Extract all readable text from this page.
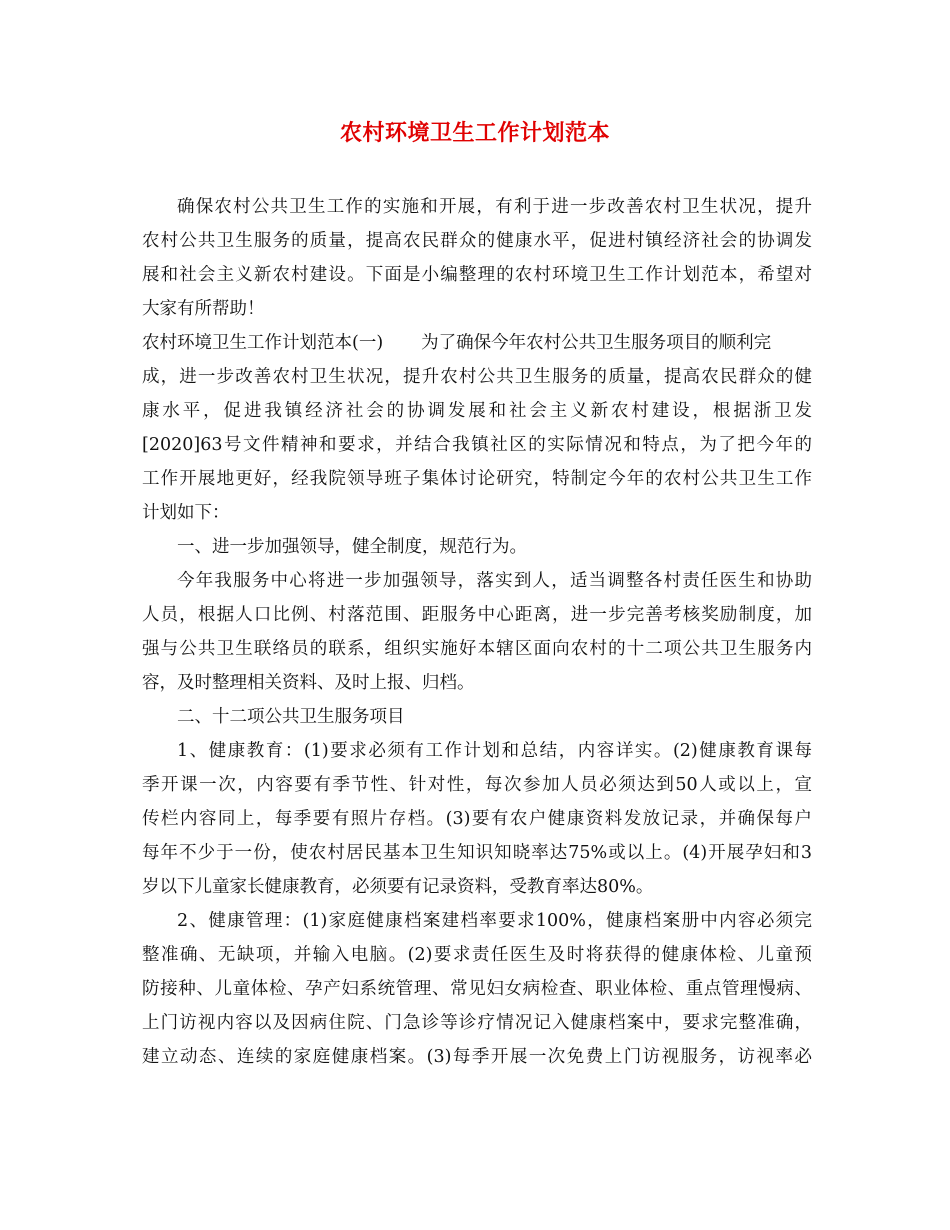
农村环境卫生工作计划范本
确保农村公共卫生工作的实施和开展，有利于进一步改善农村卫生状况，提升
农村公共卫生服务的质量，提高农民群众的健康水平，促进村镇经济社会的协调发
展和社会主义新农村建设。下面是小编整理的农村环境卫生工作计划范本，希望对
大家有所帮助！
农村环境卫生工作计划范本(一) 为了确保今年农村公共卫生服务项目的顺利完
成，进一步改善农村卫生状况，提升农村公共卫生服务的质量，提高农民群众的健
康水平，促进我镇经济社会的协调发展和社会主义新农村建设，根据浙卫发
[2020]63号文件精神和要求，并结合我镇社区的实际情况和特点，为了把今年的
工作开展地更好，经我院领导班子集体讨论研究，特制定今年的农村公共卫生工作
计划如下：
一、进一步加强领导，健全制度，规范行为。
今年我服务中心将进一步加强领导，落实到人，适当调整各村责任医生和协助
人员，根据人口比例、村落范围、距服务中心距离，进一步完善考核奖励制度，加
强与公共卫生联络员的联系，组织实施好本辖区面向农村的十二项公共卫生服务内
容，及时整理相关资料、及时上报、归档。
二、十二项公共卫生服务项目
1、健康教育：(1)要求必须有工作计划和总结，内容详实。(2)健康教育课每
季开课一次，内容要有季节性、针对性，每次参加人员必须达到50人或以上，宣
传栏内容同上，每季要有照片存档。(3)要有农户健康资料发放记录，并确保每户
每年不少于一份，使农村居民基本卫生知识知晓率达75%或以上。(4)开展孕妇和3
岁以下儿童家长健康教育，必须要有记录资料，受教育率达80%。
2、健康管理：(1)家庭健康档案建档率要求100%，健康档案册中内容必须完
整准确、无缺项，并输入电脑。(2)要求责任医生及时将获得的健康体检、儿童预
防接种、儿童体检、孕产妇系统管理、常见妇女病检查、职业体检、重点管理慢病、
上门访视内容以及因病住院、门急诊等诊疗情况记入健康档案中，要求完整准确，
建立动态、连续的家庭健康档案。(3)每季开展一次免费上门访视服务，访视率必
